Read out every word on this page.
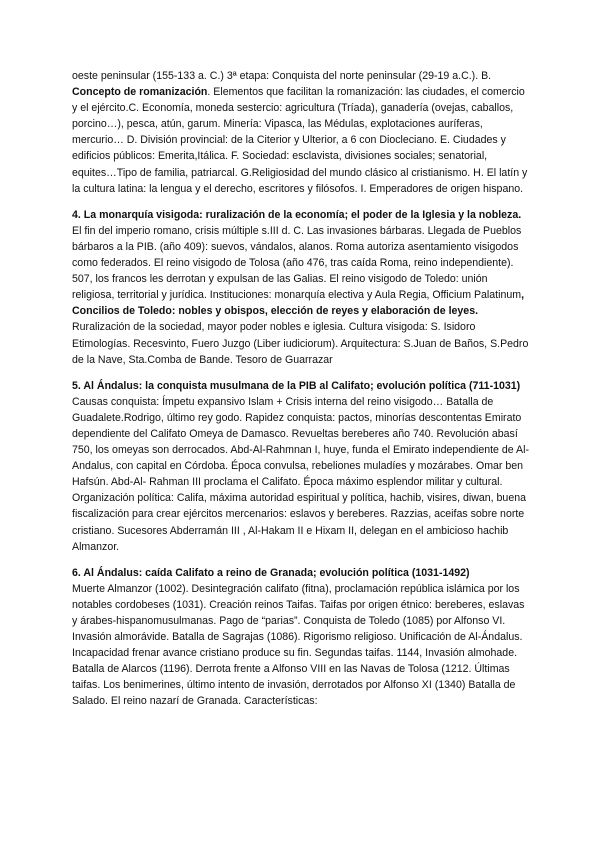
oeste peninsular (155-133 a. C.) 3ª etapa: Conquista del norte peninsular (29-19 a.C.). B. Concepto de romanización. Elementos que facilitan la romanización: las ciudades, el comercio y el ejército.C. Economía, moneda sestercio: agricultura (Tríada), ganadería (ovejas, caballos, porcino…), pesca, atún, garum. Minería: Vipasca, las Médulas, explotaciones auríferas, mercurio… D. División provincial: de la Citerior y Ulterior, a 6 con Diocleciano. E. Ciudades y edificios públicos: Emerita,Itálica. F. Sociedad: esclavista, divisiones sociales; senatorial, equites…Tipo de familia, patriarcal. G.Religiosidad del mundo clásico al cristianismo. H. El latín y la cultura latina: la lengua y el derecho, escritores y filósofos. I. Emperadores de origen hispano.

4. La monarquía visigoda: ruralización de la economía; el poder de la Iglesia y la nobleza.

El fin del imperio romano, crisis múltiple s.III d. C. Las invasiones bárbaras. Llegada de Pueblos bárbaros a la PIB. (año 409): suevos, vándalos, alanos. Roma autoriza asentamiento visigodos como federados. El reino visigodo de Tolosa (año 476, tras caída Roma, reino independiente). 507, los francos les derrotan y expulsan de las Galias. El reino visigodo de Toledo: unión religiosa, territorial y jurídica. Instituciones: monarquía electiva y Aula Regia, Officium Palatinum, Concilios de Toledo: nobles y obispos, elección de reyes y elaboración de leyes. Ruralización de la sociedad, mayor poder nobles e iglesia. Cultura visigoda: S. Isidoro Etimologías. Recesvinto, Fuero Juzgo (Liber iudiciorum). Arquitectura: S.Juan de Baños, S.Pedro de la Nave, Sta.Comba de Bande. Tesoro de Guarrazar

5. Al Ándalus: la conquista musulmana de la PIB al Califato; evolución política (711-1031)

Causas conquista: Ímpetu expansivo Islam + Crisis interna del reino visigodo… Batalla de Guadalete.Rodrigo, último rey godo. Rapidez conquista: pactos, minorías descontentas Emirato dependiente del Califato Omeya de Damasco. Revueltas bereberes año 740. Revolución abasí 750, los omeyas son derrocados. Abd-Al-Rahmnan I, huye, funda el Emirato independiente de Al-Andalus, con capital en Córdoba. Época convulsa, rebeliones muladíes y mozárabes. Omar ben Hafsún. Abd-Al- Rahman III proclama el Califato. Época máximo esplendor militar y cultural. Organización política: Califa, máxima autoridad espiritual y política, hachib, visires, diwan, buena fiscalización para crear ejércitos mercenarios: eslavos y bereberes. Razzias, aceifas sobre norte cristiano. Sucesores Abderramán III , Al-Hakam II e Hixam II, delegan en el ambicioso hachib Almanzor.

6. Al Ándalus: caída Califato a reino de Granada; evolución política (1031-1492)

Muerte Almanzor (1002). Desintegración califato (fitna), proclamación república islámica por los notables cordobeses (1031). Creación reinos Taifas. Taifas por origen étnico: bereberes, eslavas y árabes-hispanomusulmanas. Pago de “parias”. Conquista de Toledo (1085) por Alfonso VI. Invasión almorávide. Batalla de Sagrajas (1086). Rigorismo religioso. Unificación de Al-Ándalus. Incapacidad frenar avance cristiano produce su fin. Segundas taifas. 1144, Invasión almohade. Batalla de Alarcos (1196). Derrota frente a Alfonso VIII en las Navas de Tolosa (1212. Últimas taifas. Los benimerines, último intento de invasión, derrotados por Alfonso XI (1340) Batalla de Salado. El reino nazarí de Granada. Características:
